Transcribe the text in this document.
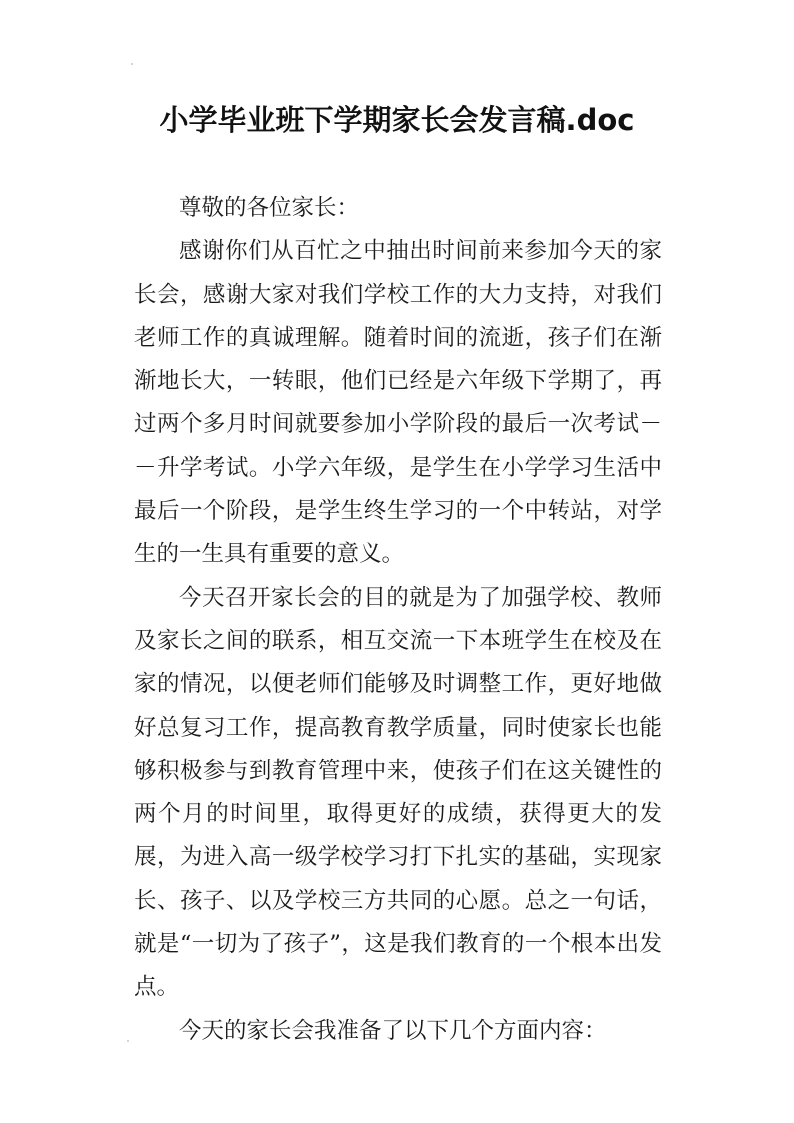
小学毕业班下学期家长会发言稿.doc

尊敬的各位家长：

感谢你们从百忙之中抽出时间前来参加今天的家长会，感谢大家对我们学校工作的大力支持，对我们老师工作的真诚理解。随着时间的流逝，孩子们在渐渐地长大，一转眼，他们已经是六年级下学期了，再过两个多月时间就要参加小学阶段的最后一次考试－－升学考试。小学六年级，是学生在小学学习生活中最后一个阶段，是学生终生学习的一个中转站，对学生的一生具有重要的意义。

今天召开家长会的目的就是为了加强学校、教师及家长之间的联系，相互交流一下本班学生在校及在家的情况，以便老师们能够及时调整工作，更好地做好总复习工作，提高教育教学质量，同时使家长也能够积极参与到教育管理中来，使孩子们在这关键性的两个月的时间里，取得更好的成绩，获得更大的发展，为进入高一级学校学习打下扎实的基础，实现家长、孩子、以及学校三方共同的心愿。总之一句话，就是“一切为了孩子”，这是我们教育的一个根本出发点。

今天的家长会我准备了以下几个方面内容：
